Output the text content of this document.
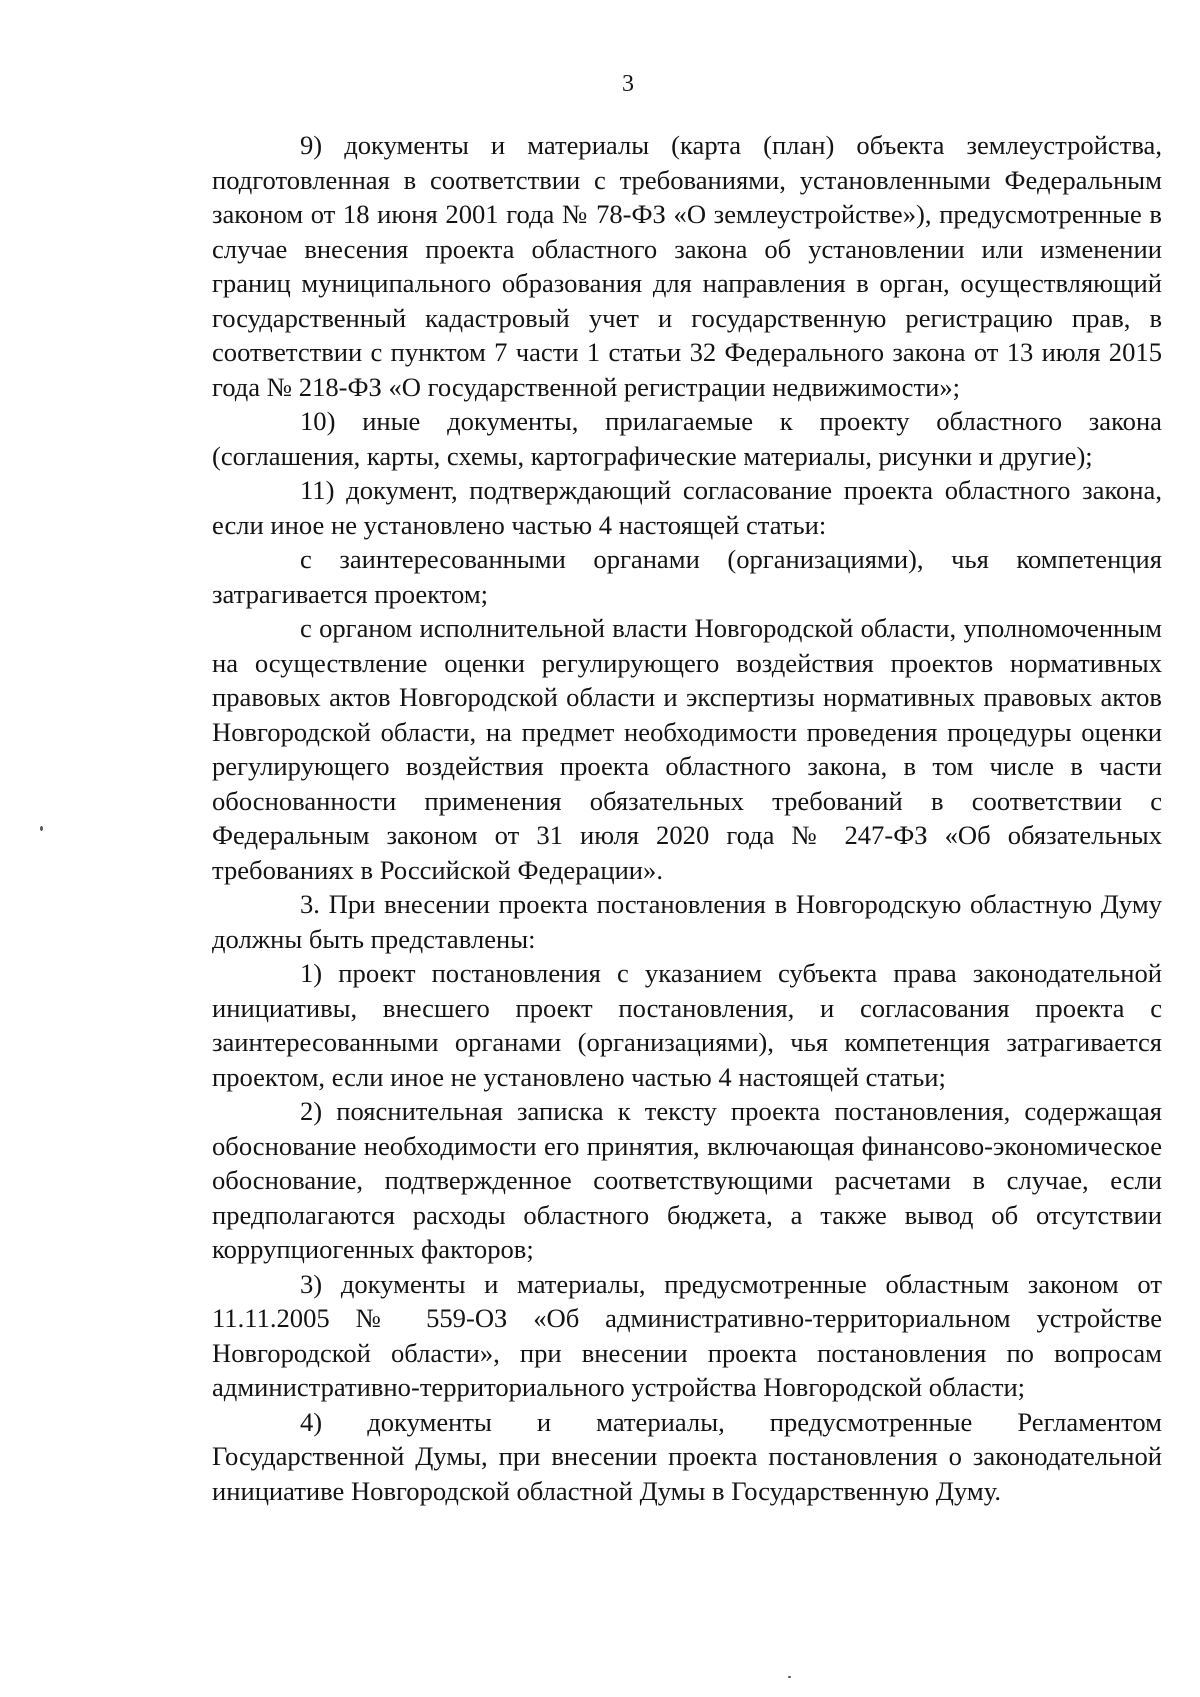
3

9) документы и материалы (карта (план) объекта землеустройства, подготовленная в соответствии с требованиями, установленными Федеральным законом от 18 июня 2001 года № 78-ФЗ «О землеустройстве»), предусмотренные в случае внесения проекта областного закона об установлении или изменении границ муниципального образования для направления в орган, осуществляющий государственный кадастровый учет и государственную регистрацию прав, в соответствии с пунктом 7 части 1 статьи 32 Федерального закона от 13 июля 2015 года № 218-ФЗ «О государственной регистрации недвижимости»;

10) иные документы, прилагаемые к проекту областного закона (соглашения, карты, схемы, картографические материалы, рисунки и другие);

11) документ, подтверждающий согласование проекта областного закона, если иное не установлено частью 4 настоящей статьи:

с заинтересованными органами (организациями), чья компетенция затрагивается проектом;

с органом исполнительной власти Новгородской области, уполномоченным на осуществление оценки регулирующего воздействия проектов нормативных правовых актов Новгородской области и экспертизы нормативных правовых актов Новгородской области, на предмет необходимости проведения процедуры оценки регулирующего воздействия проекта областного закона, в том числе в части обоснованности применения обязательных требований в соответствии с Федеральным законом от 31 июля 2020 года № 247-ФЗ «Об обязательных требованиях в Российской Федерации».

3. При внесении проекта постановления в Новгородскую областную Думу должны быть представлены:

1) проект постановления с указанием субъекта права законодательной инициативы, внесшего проект постановления, и согласования проекта с заинтересованными органами (организациями), чья компетенция затрагивается проектом, если иное не установлено частью 4 настоящей статьи;

2) пояснительная записка к тексту проекта постановления, содержащая обоснование необходимости его принятия, включающая финансово-экономическое обоснование, подтвержденное соответствующими расчетами в случае, если предполагаются расходы областного бюджета, а также вывод об отсутствии коррупциогенных факторов;

3) документы и материалы, предусмотренные областным законом от 11.11.2005 № 559-ОЗ «Об административно-территориальном устройстве Новгородской области», при внесении проекта постановления по вопросам административно-территориального устройства Новгородской области;

4) документы и материалы, предусмотренные Регламентом Государственной Думы, при внесении проекта постановления о законодательной инициативе Новгородской областной Думы в Государственную Думу.
